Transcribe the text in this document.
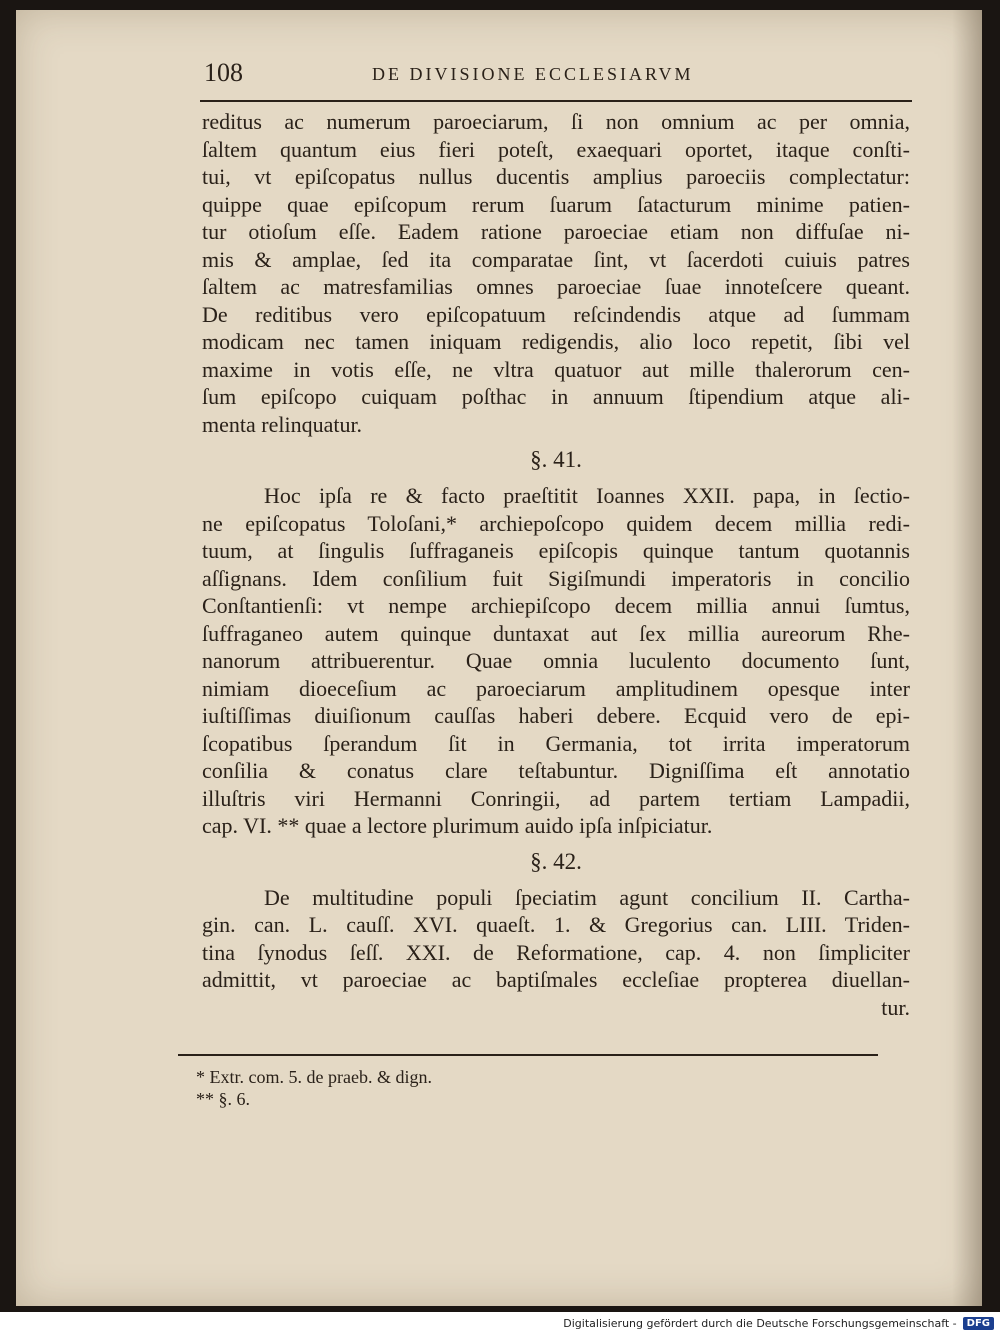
108	DE DIVISIONE ECCLESIARVM
reditus ac numerum paroeciarum, ſi non omnium ac per omnia,
ſaltem quantum eius fieri poteſt, exaequari oportet, itaque conſti-
tui, vt epiſcopatus nullus ducentis amplius paroeciis complectatur:
quippe quae epiſcopum rerum ſuarum ſatacturum minime patien-
tur otioſum eſſe. Eadem ratione paroeciae etiam non diffuſae ni-
mis & amplae, ſed ita comparatae ſint, vt ſacerdoti cuiuis patres
ſaltem ac matresfamilias omnes paroeciae ſuae innoteſcere queant.
De reditibus vero epiſcopatuum reſcindendis atque ad ſummam
modicam nec tamen iniquam redigendis, alio loco repetit, ſibi vel
maxime in votis eſſe, ne vltra quatuor aut mille thalerorum cen-
ſum epiſcopo cuiquam poſthac in annuum ſtipendium atque ali-
menta relinquatur.
§. 41.
Hoc ipſa re & facto praeſtitit Ioannes XXII. papa, in ſectio-
ne epiſcopatus Toloſani,* archiepoſcopo quidem decem millia redi-
tuum, at ſingulis ſuffraganeis epiſcopis quinque tantum quotannis
aſſignans. Idem conſilium fuit Sigiſmundi imperatoris in concilio
Conſtantienſi: vt nempe archiepiſcopo decem millia annui ſumtus,
ſuffraganeo autem quinque duntaxat aut ſex millia aureorum Rhe-
nanorum attribuerentur. Quae omnia luculento documento ſunt,
nimiam dioeceſium ac paroeciarum amplitudinem opesque inter
iuſtiſſimas diuiſionum cauſſas haberi debere. Ecquid vero de epi-
ſcopatibus ſperandum ſit in Germania, tot irrita imperatorum
conſilia & conatus clare teſtabuntur. Digniſſima eſt annotatio
illuſtris viri Hermanni Conringii, ad partem tertiam Lampadii,
cap. VI. ** quae a lectore plurimum auido ipſa inſpiciatur.
§. 42.
De multitudine populi ſpeciatim agunt concilium II. Cartha-
gin. can. L. cauſſ. XVI. quaeſt. 1. & Gregorius can. LIII. Triden-
tina ſynodus ſeſſ. XXI. de Reformatione, cap. 4. non ſimpliciter
admittit, vt paroeciae ac baptiſmales eccleſiae propterea diuellan-
tur.
* Extr. com. 5. de praeb. & dign.
** §. 6.
Digitalisierung gefördert durch die Deutsche Forschungsgemeinschaft -	DFG
